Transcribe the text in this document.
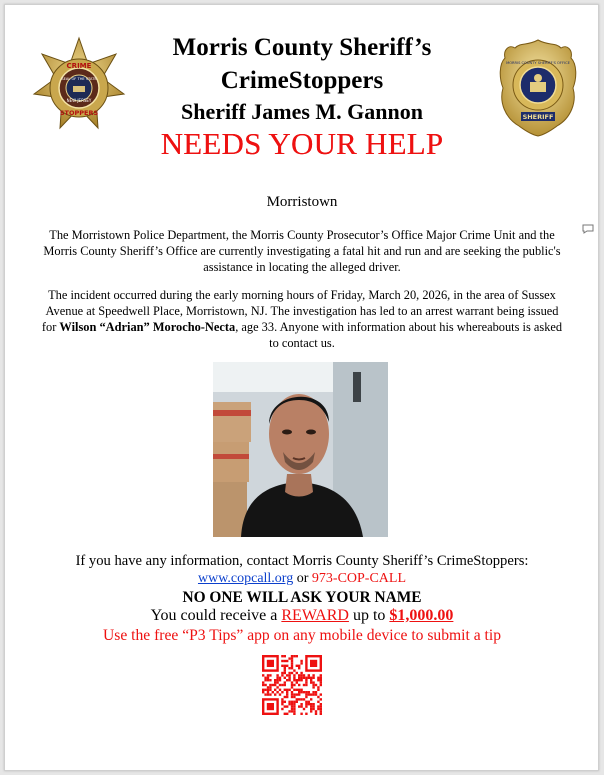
CRIME
STOPPERS
SEAL OF THE STATE
NEW JERSEY
MORRIS COUNTY SHERIFF'S OFFICE
SHERIFF
Morris County Sheriff’s
CrimeStoppers
Sheriff James M. Gannon
NEEDS YOUR HELP
Morristown
The Morristown Police Department, the Morris County Prosecutor’s Office Major Crime Unit and the Morris County Sheriff’s Office are currently investigating a fatal hit and run and are seeking the public's assistance in locating the alleged driver.
The incident occurred during the early morning hours of Friday, March 20, 2026, in the area of Sussex Avenue at Speedwell Place, Morristown, NJ. The investigation has led to an arrest warrant being issued for Wilson “Adrian” Morocho-Necta, age 33. Anyone with information about his whereabouts is asked to contact us.
If you have any information, contact Morris County Sheriff’s CrimeStoppers:
www.copcall.org or 973-COP-CALL
NO ONE WILL ASK YOUR NAME
You could receive a REWARD up to $1,000.00
Use the free “P3 Tips” app on any mobile device to submit a tip
